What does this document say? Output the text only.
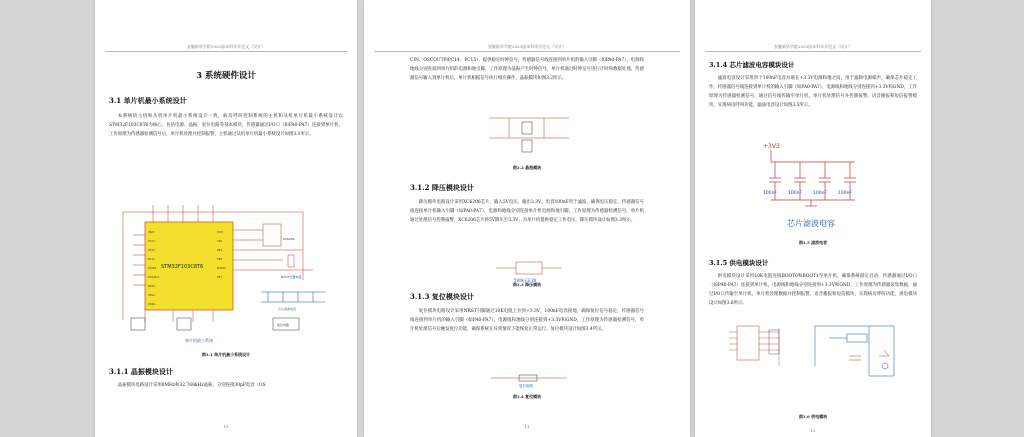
安徽新华学院2023届本科毕业论文（设计）
3 系统硬件设计
3.1 单片机最小系统设计
本系统的主机和从机单片机最小系统设计一致，病房呼叫控制系统的主机和从机单片机最小系统设计以STM32F103C8T6为核心，包括电源、晶振、复位电路等基本模块，传感器通过I/O口（如PA0-PA7）连接到单片机，工作原理为传感器检测信号后，单片机处理并控制报警，主机通过从机单片机最小系统设计如图3.1所示。
VBAT
PC13
PC14
PC15
OSCIN
OSCOUT
NRST
VSSA
VDDA
VDD
VSS
PB9
PB8
BOOT0
PB7
STM32F103C8T6
XC6206
BOOT设置电路
芯片滤波电容
复位电路
单片机最小系统
图3.1 单片机最小系统设计
3.1.1 晶振模块设计
晶振模块电路设计采用8MHz和32.768kHz晶振，分别连接30pF电容（OS
10
安徽新华学院2023届本科毕业论文（设计）
CIN、OSCOUT和PC14、PC15），提供稳定时钟信号，传感器信号线连接到单片机的输入引脚（如PA0-PA7），电源和地线分别连接到单片机的电源和地引脚，工作原理为晶振产生时钟信号，单片机通过时钟信号进行计时和数据处理，传感器信号输入到单片机后，单片机根据信号执行相应操作，晶振模块如图3.2所示。
图3.2 晶振模块
3.1.2 降压模块设计
降压模块电路设计采用XC6206芯片，输入5V电压，输出3.3V，电容100nF用于滤波，确保电压稳定，传感器信号线连接单片机输入引脚（如PA0-PA7），电源和地线分别连接单片机电源和地引脚，工作原理为传感器检测信号，单片机通过处理信号控制报警，XC6206芯片将5V降压至3.3V，为单片机提供稳定工作电压，降压模块设计如图3.3所示。
5V降压3.3V
图3.3 降压模块
3.1.3 复位模块设计
复位模块电路设计采用NRST引脚通过10K电阻上拉到+3.3V，100nF电容接地，确保复位信号稳定，传感器信号线连接到单片机的输入引脚（如PA0-PA7），电源线和地线分别连接到+3.3V和GND，工作原理为传感器检测信号，单片机处理信号后触发复位功能，确保系统在异常情况下能恢复正常运行，复位模块设计如图3.4所示。
复位电路
图3.4 复位模块
11
安徽新华学院2023届本科毕业论文（设计）
3.1.4 芯片滤波电容模块设计
滤波电容设计采用四个100nF电容并联在+3.3V电源和地之间，用于滤除电源噪声，确保芯片稳定工作，传感器信号线连接到单片机的输入引脚（如PA0-PA7），电源线和地线分别连接到+3.3V和GND，工作原理为传感器检测信号，通过信号线传输至单片机，单片机处理信号并控制报警，语音播报和短信报警模块，实现病房呼叫功能，滤波电容设计如图3.5所示。
+3V3
100nF 100nF 100nF 100nF
芯片滤波电容
图3.5 滤波电容
3.1.5 供电模块设计
供电模块设计采用10K电阻连接BOOT0和BOOT1至单片机，确保系统稳定启动，传感器通过I/O口（如PA0-PA7）连接到单片机，电源线和地线分别连接到+3.3V和GND，工作原理为传感器采集数据，通过I/O口传输至单片机，单片机处理数据并控制报警、语音播报和短信模块，实现病房呼叫功能，供电模块设计如图3.6所示。
图3.6 供电模块
12
